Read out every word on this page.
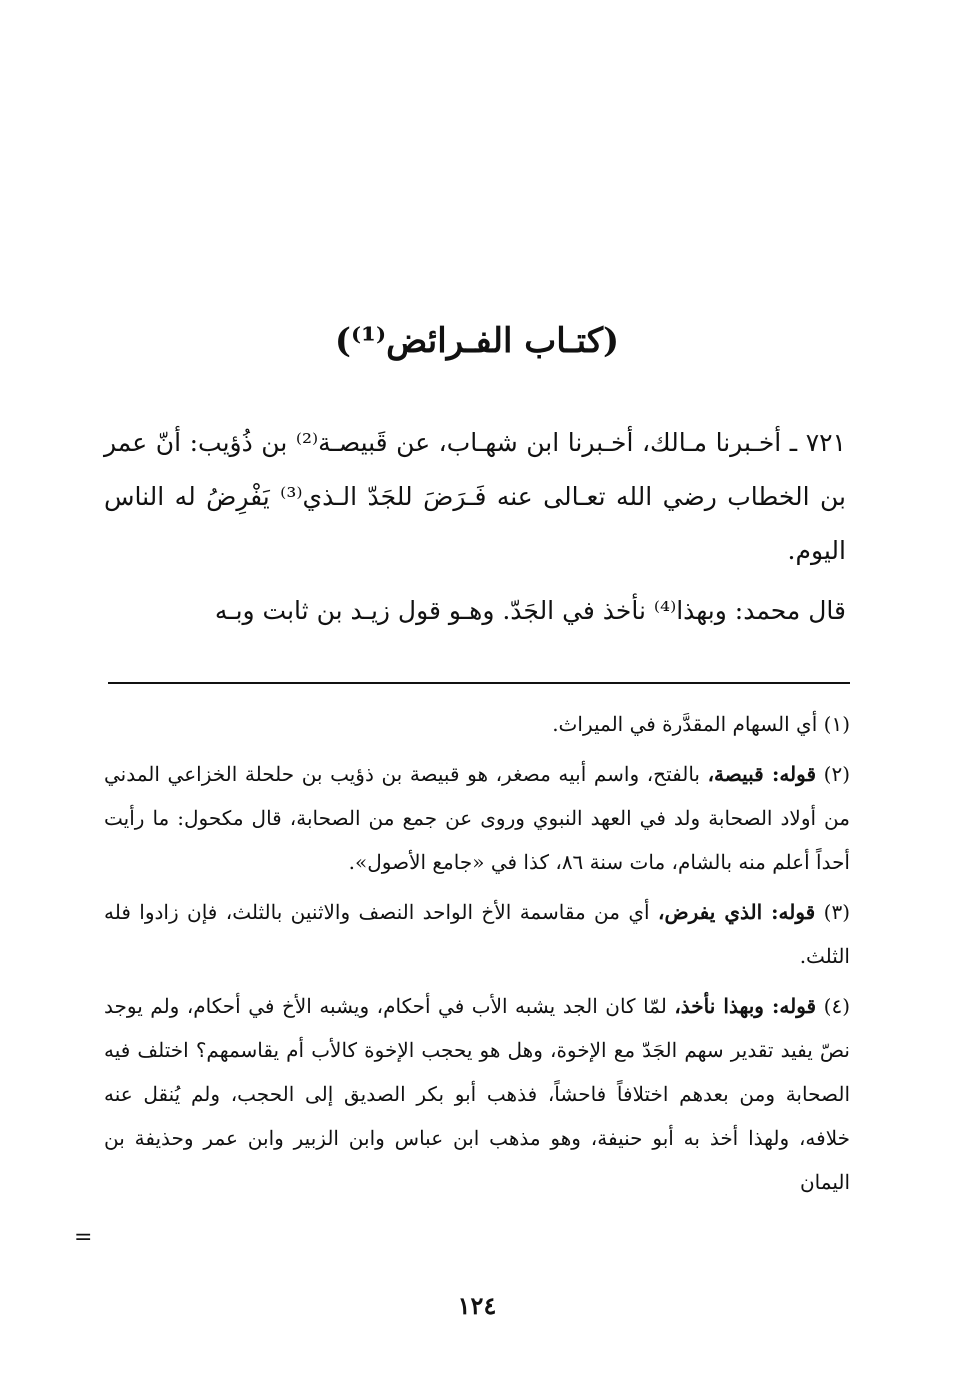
(كتـاب الفـرائض⁽¹⁾)

٧٢١ ـ أخـبرنا مـالك، أخـبرنا ابن شهـاب، عن قَبيصـة⁽²⁾ بن ذُؤيب: أنّ عمر بن الخطاب رضي الله تعـالى عنه فَـرَضَ للجَدّ الـذي⁽³⁾ يَفْرِضُ له الناس اليوم.

قال محمد: وبهذا⁽⁴⁾ نأخذ في الجَدّ. وهـو قول زيـد بن ثابت وبـه

(١) أي السهام المقدَّرة في الميراث.

(٢) قوله: قبيصة، بالفتح، واسم أبيه مصغر، هو قبيصة بن ذؤيب بن حلحلة الخزاعي المدني من أولاد الصحابة ولد في العهد النبوي وروى عن جمع من الصحابة، قال مكحول: ما رأيت أحداً أعلم منه بالشام، مات سنة ٨٦، كذا في «جامع الأصول».

(٣) قوله: الذي يفرض، أي من مقاسمة الأخ الواحد النصف والاثنين بالثلث، فإن زادوا فله الثلث.

(٤) قوله: وبهذا نأخذ، لمّا كان الجد يشبه الأب في أحكام، ويشبه الأخ في أحكام، ولم يوجد نصّ يفيد تقدير سهم الجَدّ مع الإخوة، وهل هو يحجب الإخوة كالأب أم يقاسمهم؟ اختلف فيه الصحابة ومن بعدهم اختلافاً فاحشاً، فذهب أبو بكر الصديق إلى الحجب، ولم يُنقل عنه خلافه، ولهذا أخذ به أبو حنيفة، وهو مذهب ابن عباس وابن الزبير وابن عمر وحذيفة بن اليمان

=
١٢٤
